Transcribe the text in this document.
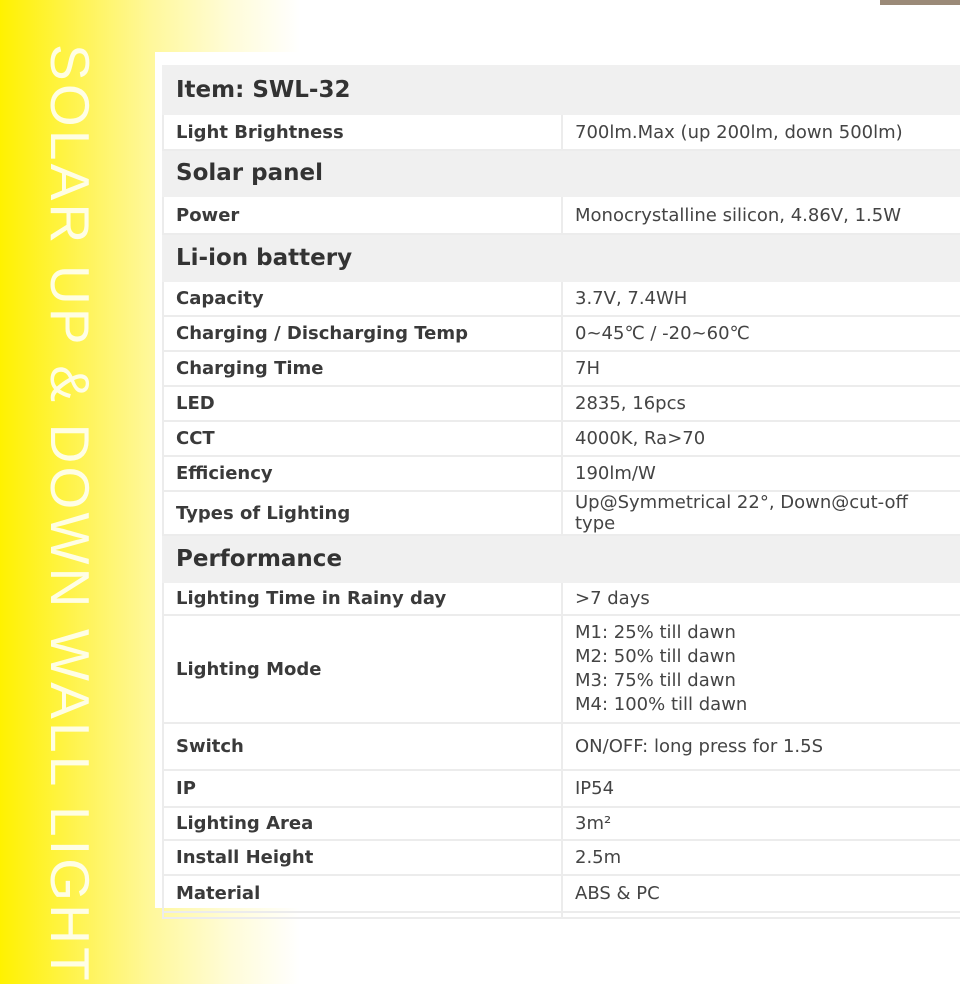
SOLAR UP & DOWN WALL LIGHT	Item: SWL-32	
Light Brightness	700lm.Max (up 200lm, down 500lm)
Solar panel	
Power	Monocrystalline silicon, 4.86V, 1.5W
Li-ion battery	
Capacity	3.7V, 7.4WH
Charging / Discharging Temp	0~45℃ / -20~60℃
Charging Time	7H
LED	2835, 16pcs
CCT	4000K, Ra>70
Efficiency	190lm/W
Types of Lighting	Up@Symmetrical 22°, Down@cut-off type
Performance	
Lighting Time in Rainy day	>7 days
Lighting Mode	M1: 25% till dawn
M2: 50% till dawn
M3: 75% till dawn
M4: 100% till dawn

Switch	ON/OFF: long press for 1.5S
IP	IP54
Lighting Area	3m²
Install Height	2.5m
Material	ABS & PC
